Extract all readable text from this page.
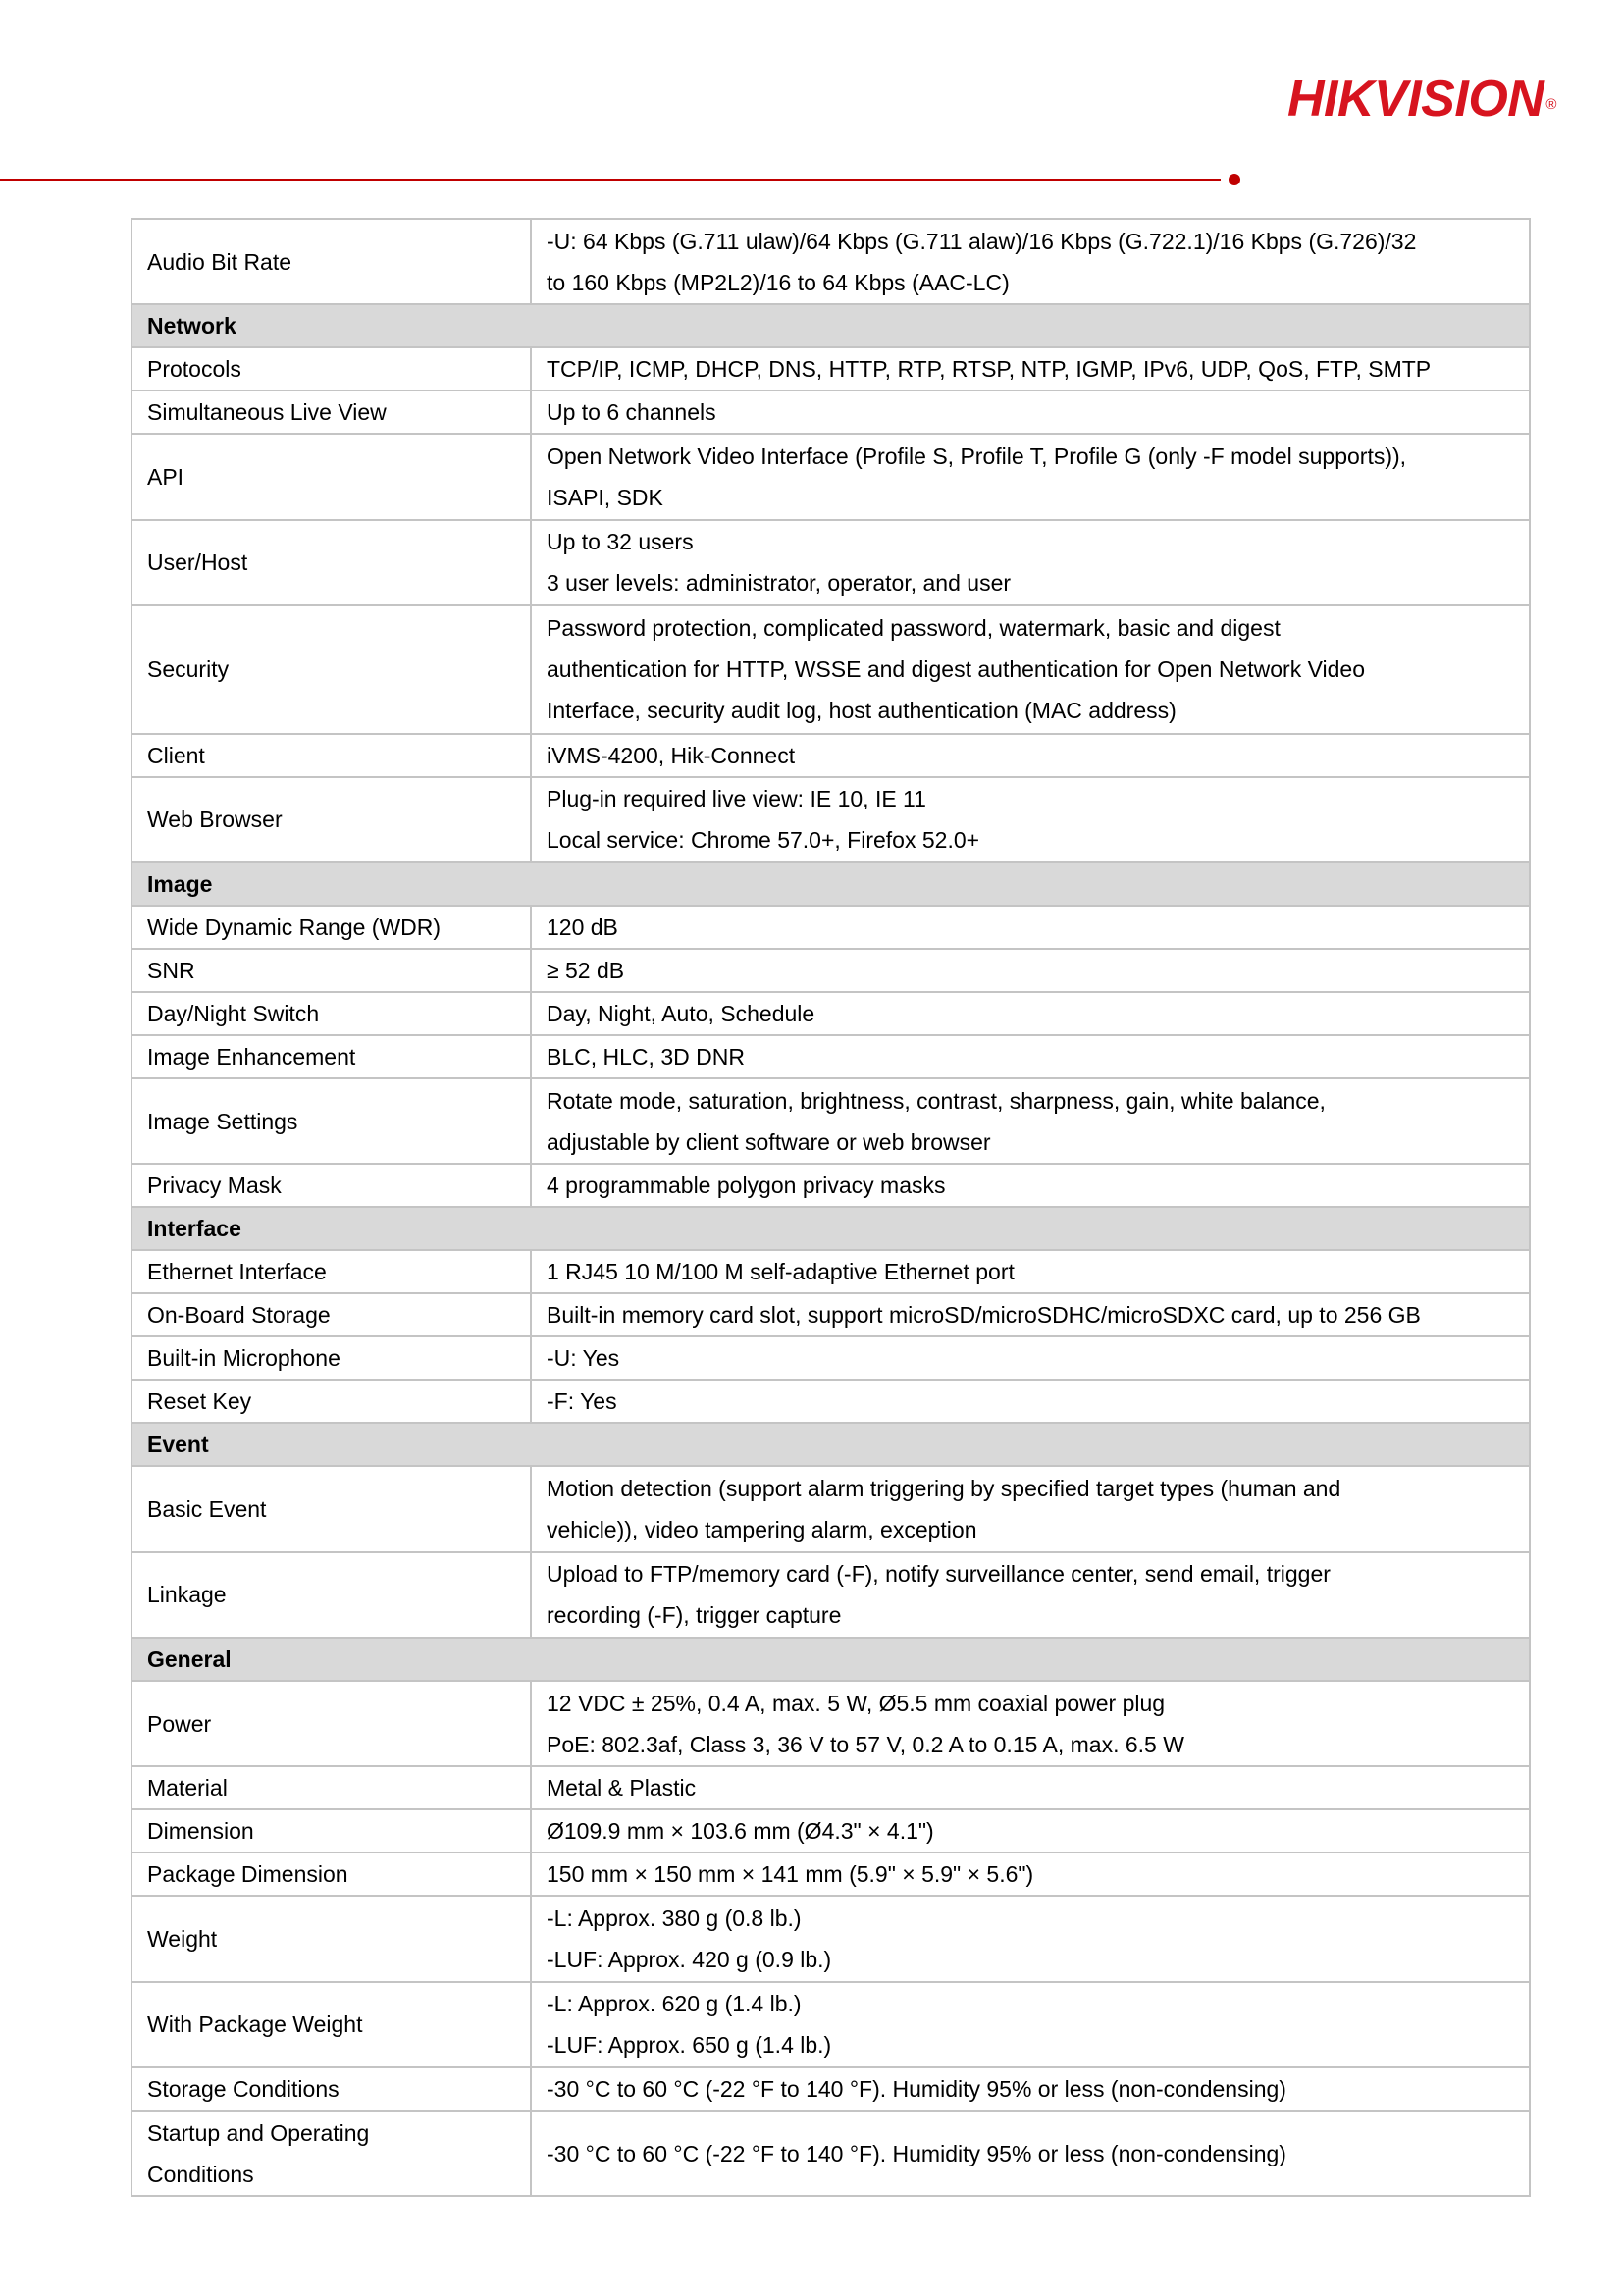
HIKVISION ®
Audio Bit Rate	-U: 64 Kbps (G.711 ulaw)/64 Kbps (G.711 alaw)/16 Kbps (G.722.1)/16 Kbps (G.726)/32
to 160 Kbps (MP2L2)/16 to 64 Kbps (AAC-LC)

Network	

Protocols	TCP/IP, ICMP, DHCP, DNS, HTTP, RTP, RTSP, NTP, IGMP, IPv6, UDP, QoS, FTP, SMTP

Simultaneous Live View	Up to 6 channels

API	Open Network Video Interface (Profile S, Profile T, Profile G (only -F model supports)),
ISAPI, SDK

User/Host	Up to 32 users
3 user levels: administrator, operator, and user

Security	Password protection, complicated password, watermark, basic and digest
authentication for HTTP, WSSE and digest authentication for Open Network Video
Interface, security audit log, host authentication (MAC address)

Client	iVMS-4200, Hik-Connect

Web Browser	Plug-in required live view: IE 10, IE 11
Local service: Chrome 57.0+, Firefox 52.0+

Image	

Wide Dynamic Range (WDR)	120 dB

SNR	≥ 52 dB

Day/Night Switch	Day, Night, Auto, Schedule

Image Enhancement	BLC, HLC, 3D DNR

Image Settings	Rotate mode, saturation, brightness, contrast, sharpness, gain, white balance,
adjustable by client software or web browser

Privacy Mask	4 programmable polygon privacy masks

Interface	

Ethernet Interface	1 RJ45 10 M/100 M self-adaptive Ethernet port

On-Board Storage	Built-in memory card slot, support microSD/microSDHC/microSDXC card, up to 256 GB

Built-in Microphone	-U: Yes

Reset Key	-F: Yes

Event	

Basic Event	Motion detection (support alarm triggering by specified target types (human and
vehicle)), video tampering alarm, exception

Linkage	Upload to FTP/memory card (-F), notify surveillance center, send email, trigger
recording (-F), trigger capture

General	

Power	12 VDC ± 25%, 0.4 A, max. 5 W, Ø5.5 mm coaxial power plug
PoE: 802.3af, Class 3, 36 V to 57 V, 0.2 A to 0.15 A, max. 6.5 W

Material	Metal & Plastic

Dimension	Ø109.9 mm × 103.6 mm (Ø4.3" × 4.1")

Package Dimension	150 mm × 150 mm × 141 mm (5.9" × 5.9" × 5.6")

Weight	-L: Approx. 380 g (0.8 lb.)
-LUF: Approx. 420 g (0.9 lb.)

With Package Weight	-L: Approx. 620 g (1.4 lb.)
-LUF: Approx. 650 g (1.4 lb.)

Storage Conditions	-30 °C to 60 °C (-22 °F to 140 °F). Humidity 95% or less (non-condensing)

Startup and Operating
Conditions	-30 °C to 60 °C (-22 °F to 140 °F). Humidity 95% or less (non-condensing)
